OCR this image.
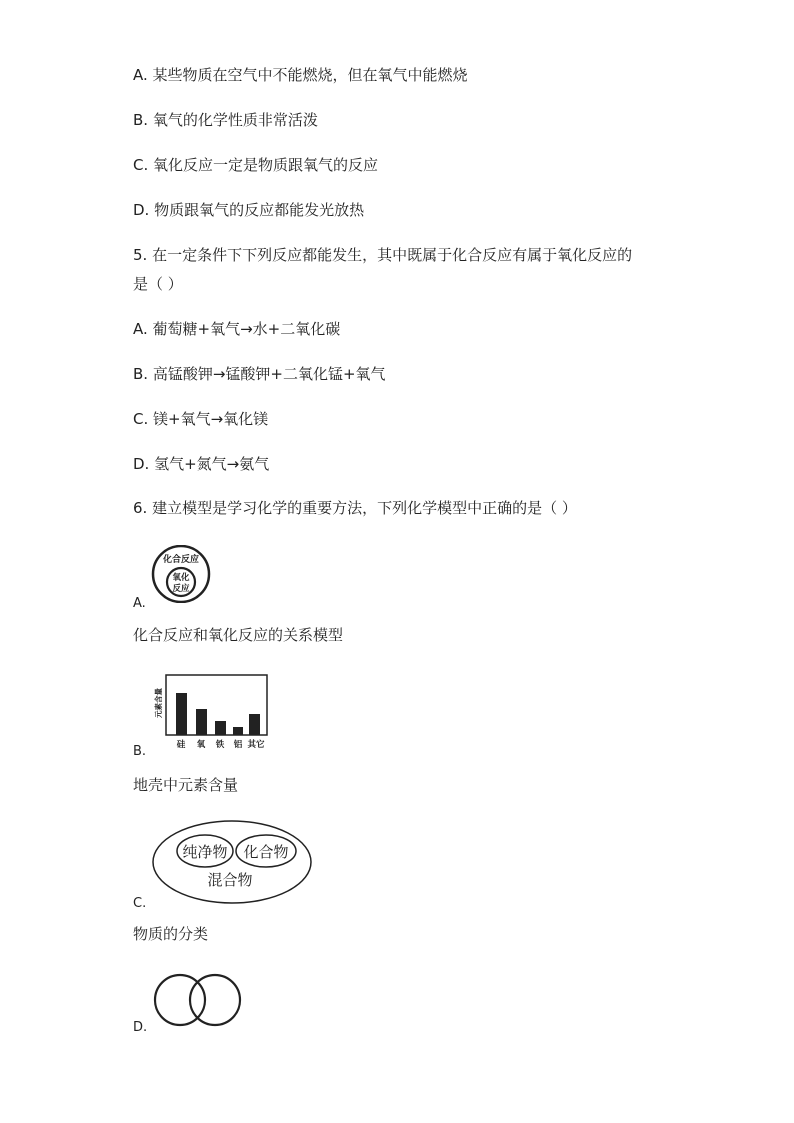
A. 某些物质在空气中不能燃烧，但在氧气中能燃烧
B. 氧气的化学性质非常活泼
C. 氧化反应一定是物质跟氧气的反应
D. 物质跟氧气的反应都能发光放热
5. 在一定条件下下列反应都能发生，其中既属于化合反应有属于氧化反应的
是（ ）
A. 葡萄糖+氧气→水+二氧化碳
B. 高锰酸钾→锰酸钾+二氧化锰+氧气
C. 镁+氧气→氧化镁
D. 氢气+氮气→氨气
6. 建立模型是学习化学的重要方法，下列化学模型中正确的是（ ）
化合反应
氧化
反应
A.
化合反应和氧化反应的关系模型
元素含量
硅 氧 铁 铝 其它
B.
地壳中元素含量
纯净物 化合物
混合物
C.
物质的分类
D.
